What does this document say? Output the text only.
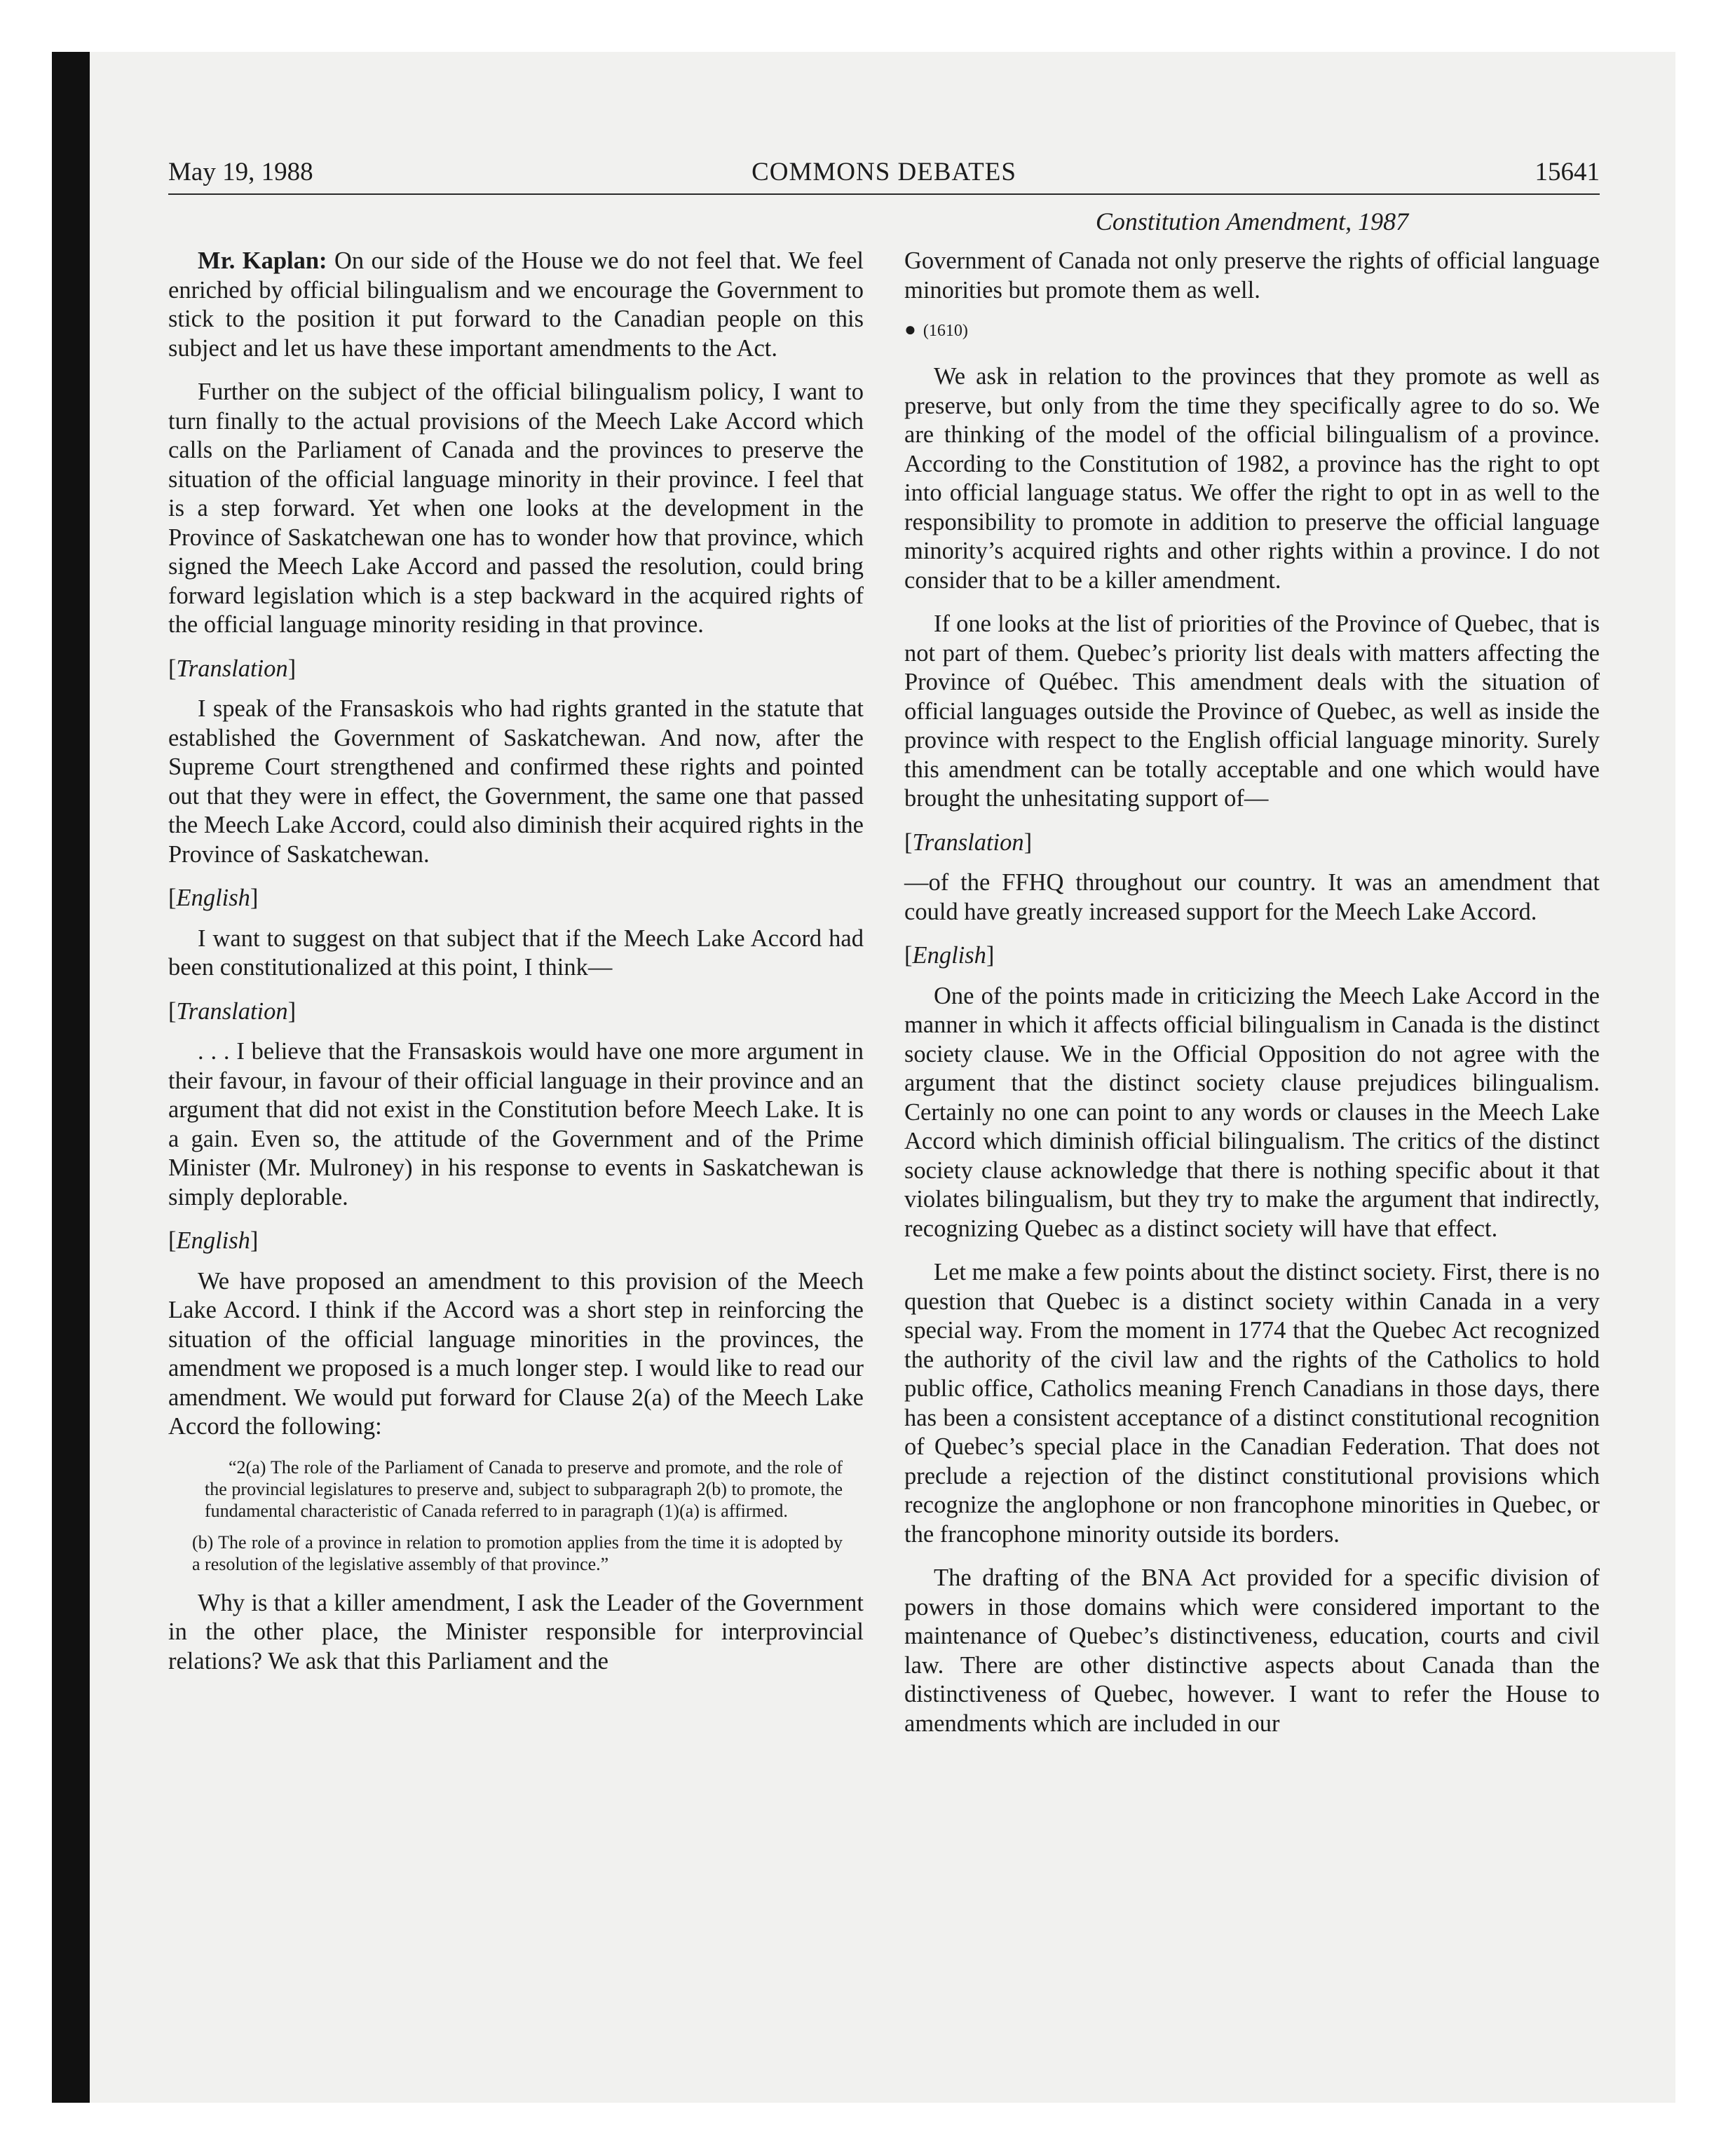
May 19, 1988	COMMONS DEBATES	15641
Constitution Amendment, 1987

Mr. Kaplan: On our side of the House we do not feel that. We feel enriched by official bilingualism and we encourage the Government to stick to the position it put forward to the Canadian people on this subject and let us have these important amendments to the Act.

Further on the subject of the official bilingualism policy, I want to turn finally to the actual provisions of the Meech Lake Accord which calls on the Parliament of Canada and the provinces to preserve the situation of the official language minority in their province. I feel that is a step forward. Yet when one looks at the development in the Province of Saskatchewan one has to wonder how that province, which signed the Meech Lake Accord and passed the resolution, could bring forward legislation which is a step backward in the acquired rights of the official language minority residing in that province.

[Translation]

I speak of the Fransaskois who had rights granted in the statute that established the Government of Saskatchewan. And now, after the Supreme Court strengthened and confirmed these rights and pointed out that they were in effect, the Government, the same one that passed the Meech Lake Accord, could also diminish their acquired rights in the Province of Saskatchewan.

[English]

I want to suggest on that subject that if the Meech Lake Accord had been constitutionalized at this point, I think—

[Translation]

. . . I believe that the Fransaskois would have one more argument in their favour, in favour of their official language in their province and an argument that did not exist in the Constitution before Meech Lake. It is a gain. Even so, the attitude of the Government and of the Prime Minister (Mr. Mulroney) in his response to events in Saskatchewan is simply deplorable.

[English]

We have proposed an amendment to this provision of the Meech Lake Accord. I think if the Accord was a short step in reinforcing the situation of the official language minorities in the provinces, the amendment we proposed is a much longer step. I would like to read our amendment. We would put forward for Clause 2(a) of the Meech Lake Accord the following:

“2(a) The role of the Parliament of Canada to preserve and promote, and the role of the provincial legislatures to preserve and, subject to subparagraph 2(b) to promote, the fundamental characteristic of Canada referred to in paragraph (1)(a) is affirmed.

(b) The role of a province in relation to promotion applies from the time it is adopted by a resolution of the legislative assembly of that province.”

Why is that a killer amendment, I ask the Leader of the Government in the other place, the Minister responsible for interprovincial relations? We ask that this Parliament and the

Government of Canada not only preserve the rights of official language minorities but promote them as well.

● (1610)

We ask in relation to the provinces that they promote as well as preserve, but only from the time they specifically agree to do so. We are thinking of the model of the official bilingualism of a province. According to the Constitution of 1982, a province has the right to opt into official language status. We offer the right to opt in as well to the responsibility to promote in addition to preserve the official language minority’s acquired rights and other rights within a province. I do not consider that to be a killer amendment.

If one looks at the list of priorities of the Province of Quebec, that is not part of them. Quebec’s priority list deals with matters affecting the Province of Québec. This amendment deals with the situation of official languages outside the Province of Quebec, as well as inside the province with respect to the English official language minority. Surely this amendment can be totally acceptable and one which would have brought the unhesitating support of—

[Translation]

—of the FFHQ throughout our country. It was an amendment that could have greatly increased support for the Meech Lake Accord.

[English]

One of the points made in criticizing the Meech Lake Accord in the manner in which it affects official bilingualism in Canada is the distinct society clause. We in the Official Opposition do not agree with the argument that the distinct society clause prejudices bilingualism. Certainly no one can point to any words or clauses in the Meech Lake Accord which diminish official bilingualism. The critics of the distinct society clause acknowledge that there is nothing specific about it that violates bilingualism, but they try to make the argument that indirectly, recognizing Quebec as a distinct society will have that effect.

Let me make a few points about the distinct society. First, there is no question that Quebec is a distinct society within Canada in a very special way. From the moment in 1774 that the Quebec Act recognized the authority of the civil law and the rights of the Catholics to hold public office, Catholics meaning French Canadians in those days, there has been a consistent acceptance of a distinct constitutional recognition of Quebec’s special place in the Canadian Federation. That does not preclude a rejection of the distinct constitutional provisions which recognize the anglophone or non francophone minorities in Quebec, or the francophone minority outside its borders.

The drafting of the BNA Act provided for a specific division of powers in those domains which were considered important to the maintenance of Quebec’s distinctiveness, education, courts and civil law. There are other distinctive aspects about Canada than the distinctiveness of Quebec, however. I want to refer the House to amendments which are included in our
